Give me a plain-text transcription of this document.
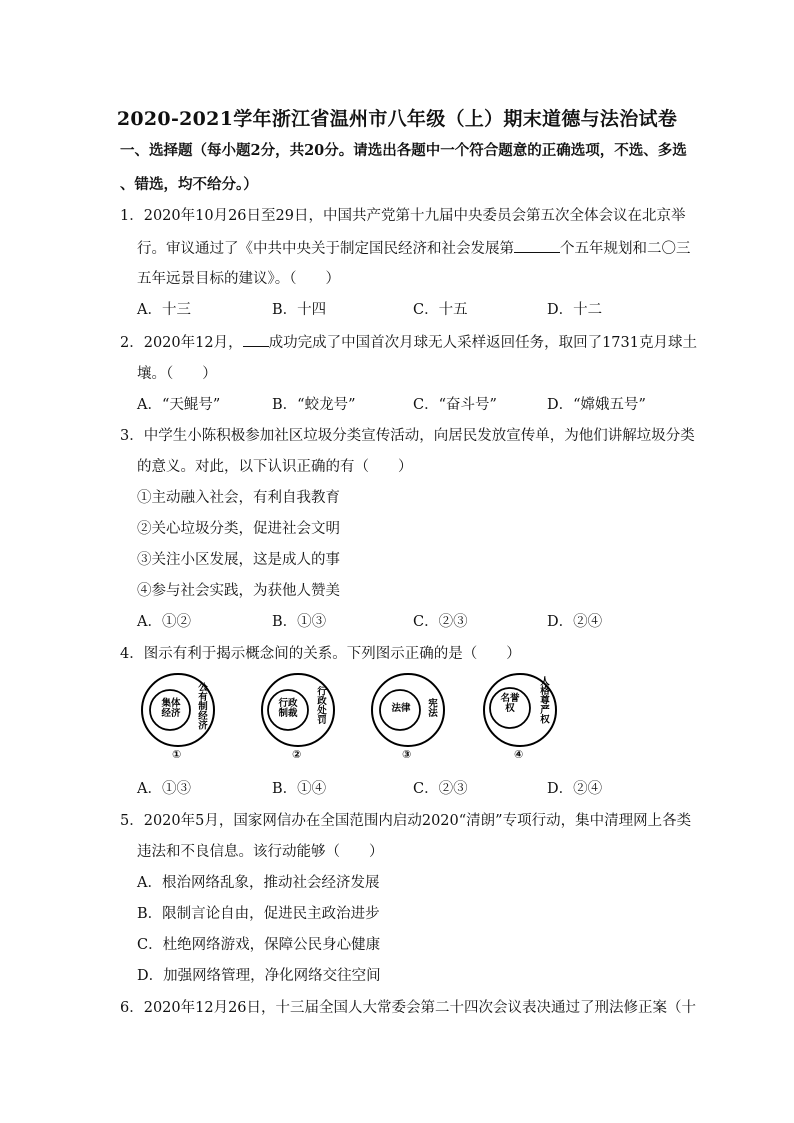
2020-2021学年浙江省温州市八年级（上）期末道德与法治试卷
一、选择题（每小题2分，共20分。请选出各题中一个符合题意的正确选项，不选、多选
、错选，均不给分。）
1．2020年10月26日至29日，中国共产党第十九届中央委员会第五次全体会议在北京举
行。审议通过了《中共中央关于制定国民经济和社会发展第	个五年规划和二〇三
五年远景目标的建议》。（　　）
A．十三	B．十四	C．十五	D．十二
2．2020年12月， 成功完成了中国首次月球无人采样返回任务，取回了1731克月球土
壤。（　　）
A．“天鲲号”	B．“蛟龙号”	C．“奋斗号”	D．“嫦娥五号”
3．中学生小陈积极参加社区垃圾分类宣传活动，向居民发放宣传单，为他们讲解垃圾分类
的意义。对此，以下认识正确的有（　　）
①主动融入社会，有利自我教育
②关心垃圾分类，促进社会文明
③关注小区发展，这是成人的事
④参与社会实践，为获他人赞美
A．①②	B．①③	C．②③	D．②④
4．图示有利于揭示概念间的关系。下列图示正确的是（　　）
集体经济 公有制经济
①
行政制裁 行政处罚
②
法律 宪法
③
名誉权	人格尊严权
④
A．①③	B．①④	C．②③	D．②④
5．2020年5月，国家网信办在全国范围内启动2020“清朗”专项行动，集中清理网上各类
违法和不良信息。该行动能够（　　）
A．根治网络乱象，推动社会经济发展
B．限制言论自由，促进民主政治进步
C．杜绝网络游戏，保障公民身心健康
D．加强网络管理，净化网络交往空间
6．2020年12月26日，十三届全国人大常委会第二十四次会议表决通过了刑法修正案（十
